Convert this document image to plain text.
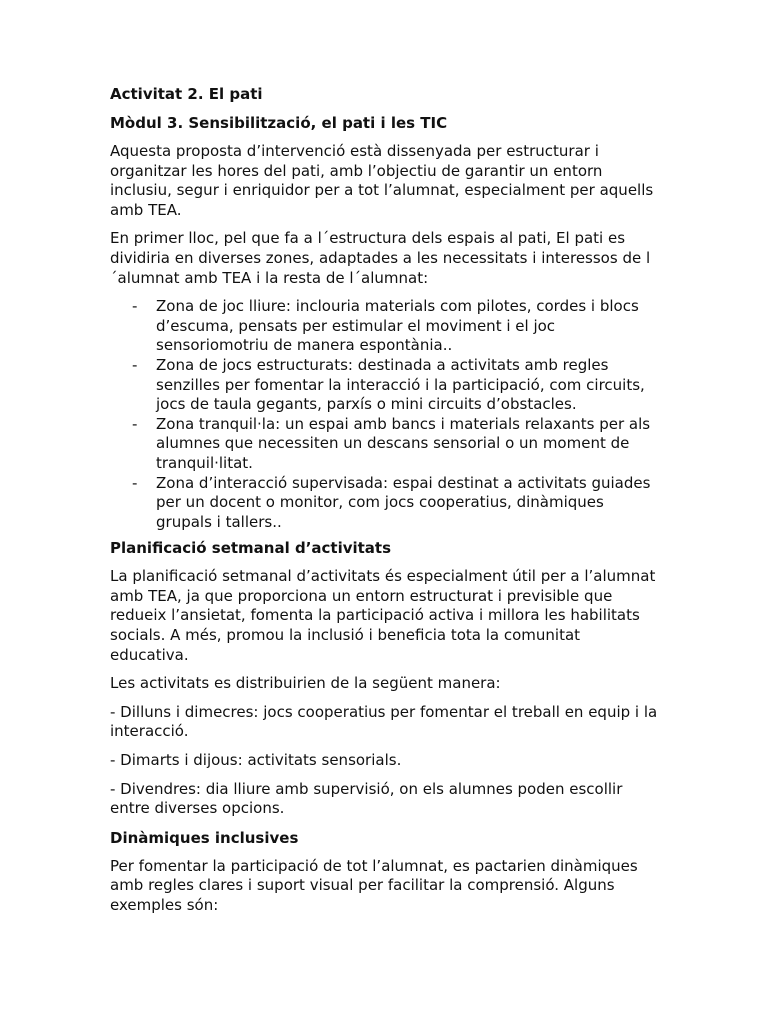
Activitat 2. El pati

Mòdul 3. Sensibilització, el pati i les TIC

Aquesta proposta d’intervenció està dissenyada per estructurar i organitzar les hores del pati, amb l’objectiu de garantir un entorn inclusiu, segur i enriquidor per a tot l’alumnat, especialment per aquells amb TEA.

En primer lloc, pel que fa a l´estructura dels espais al pati, El pati es dividiria en diverses zones, adaptades a les necessitats i interessos de l´alumnat amb TEA i la resta de l´alumnat:

- Zona de joc lliure: inclouria materials com pilotes, cordes i blocs d’escuma, pensats per estimular el moviment i el joc sensoriomotriu de manera espontània..
- Zona de jocs estructurats: destinada a activitats amb regles senzilles per fomentar la interacció i la participació, com circuits, jocs de taula gegants, parxís o mini circuits d’obstacles.
- Zona tranquil·la: un espai amb bancs i materials relaxants per als alumnes que necessiten un descans sensorial o un moment de tranquil·litat.
- Zona d’interacció supervisada: espai destinat a activitats guiades per un docent o monitor, com jocs cooperatius, dinàmiques grupals i tallers..

Planificació setmanal d’activitats

La planificació setmanal d’activitats és especialment útil per a l’alumnat amb TEA, ja que proporciona un entorn estructurat i previsible que redueix l’ansietat, fomenta la participació activa i millora les habilitats socials. A més, promou la inclusió i beneficia tota la comunitat educativa.

Les activitats es distribuirien de la següent manera:

- Dilluns i dimecres: jocs cooperatius per fomentar el treball en equip i la interacció.

- Dimarts i dijous: activitats sensorials.

- Divendres: dia lliure amb supervisió, on els alumnes poden escollir entre diverses opcions.

Dinàmiques inclusives

Per fomentar la participació de tot l’alumnat, es pactarien dinàmiques amb regles clares i suport visual per facilitar la comprensió. Alguns exemples són:
